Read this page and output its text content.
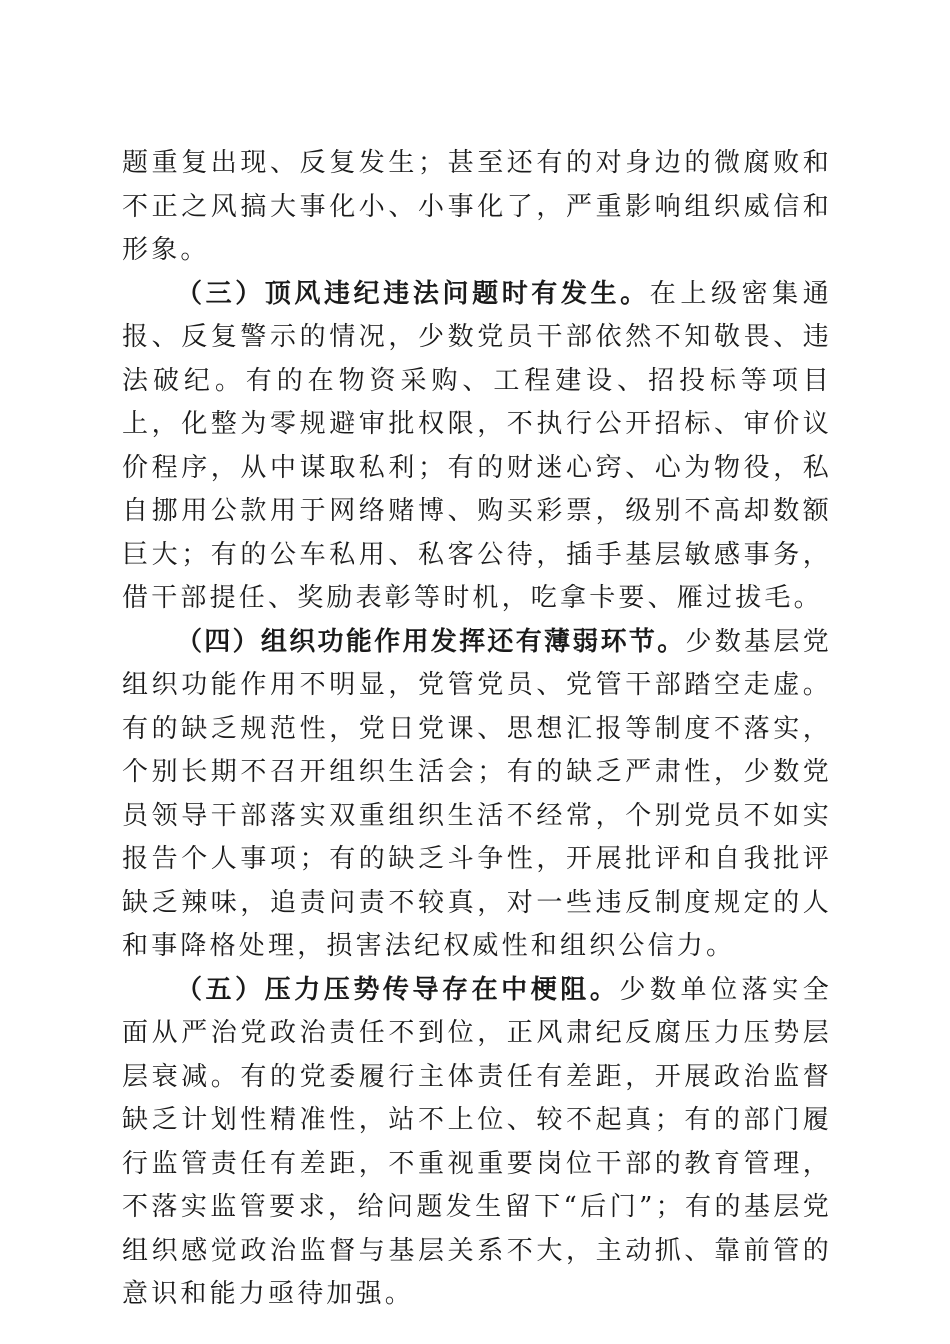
题重复出现、反复发生；甚至还有的对身边的微腐败和不正之风搞大事化小、小事化了，严重影响组织威信和形象。

（三）顶风违纪违法问题时有发生。在上级密集通报、反复警示的情况，少数党员干部依然不知敬畏、违法破纪。有的在物资采购、工程建设、招投标等项目上，化整为零规避审批权限，不执行公开招标、审价议价程序，从中谋取私利；有的财迷心窍、心为物役，私自挪用公款用于网络赌博、购买彩票，级别不高却数额巨大；有的公车私用、私客公待，插手基层敏感事务，借干部提任、奖励表彰等时机，吃拿卡要、雁过拔毛。

（四）组织功能作用发挥还有薄弱环节。少数基层党组织功能作用不明显，党管党员、党管干部踏空走虚。有的缺乏规范性，党日党课、思想汇报等制度不落实，个别长期不召开组织生活会；有的缺乏严肃性，少数党员领导干部落实双重组织生活不经常，个别党员不如实报告个人事项；有的缺乏斗争性，开展批评和自我批评缺乏辣味，追责问责不较真，对一些违反制度规定的人和事降格处理，损害法纪权威性和组织公信力。

（五）压力压势传导存在中梗阻。少数单位落实全面从严治党政治责任不到位，正风肃纪反腐压力压势层层衰减。有的党委履行主体责任有差距，开展政治监督缺乏计划性精准性，站不上位、较不起真；有的部门履行监管责任有差距，不重视重要岗位干部的教育管理，不落实监管要求，给问题发生留下“后门”；有的基层党组织感觉政治监督与基层关系不大，主动抓、靠前管的意识和能力亟待加强。
